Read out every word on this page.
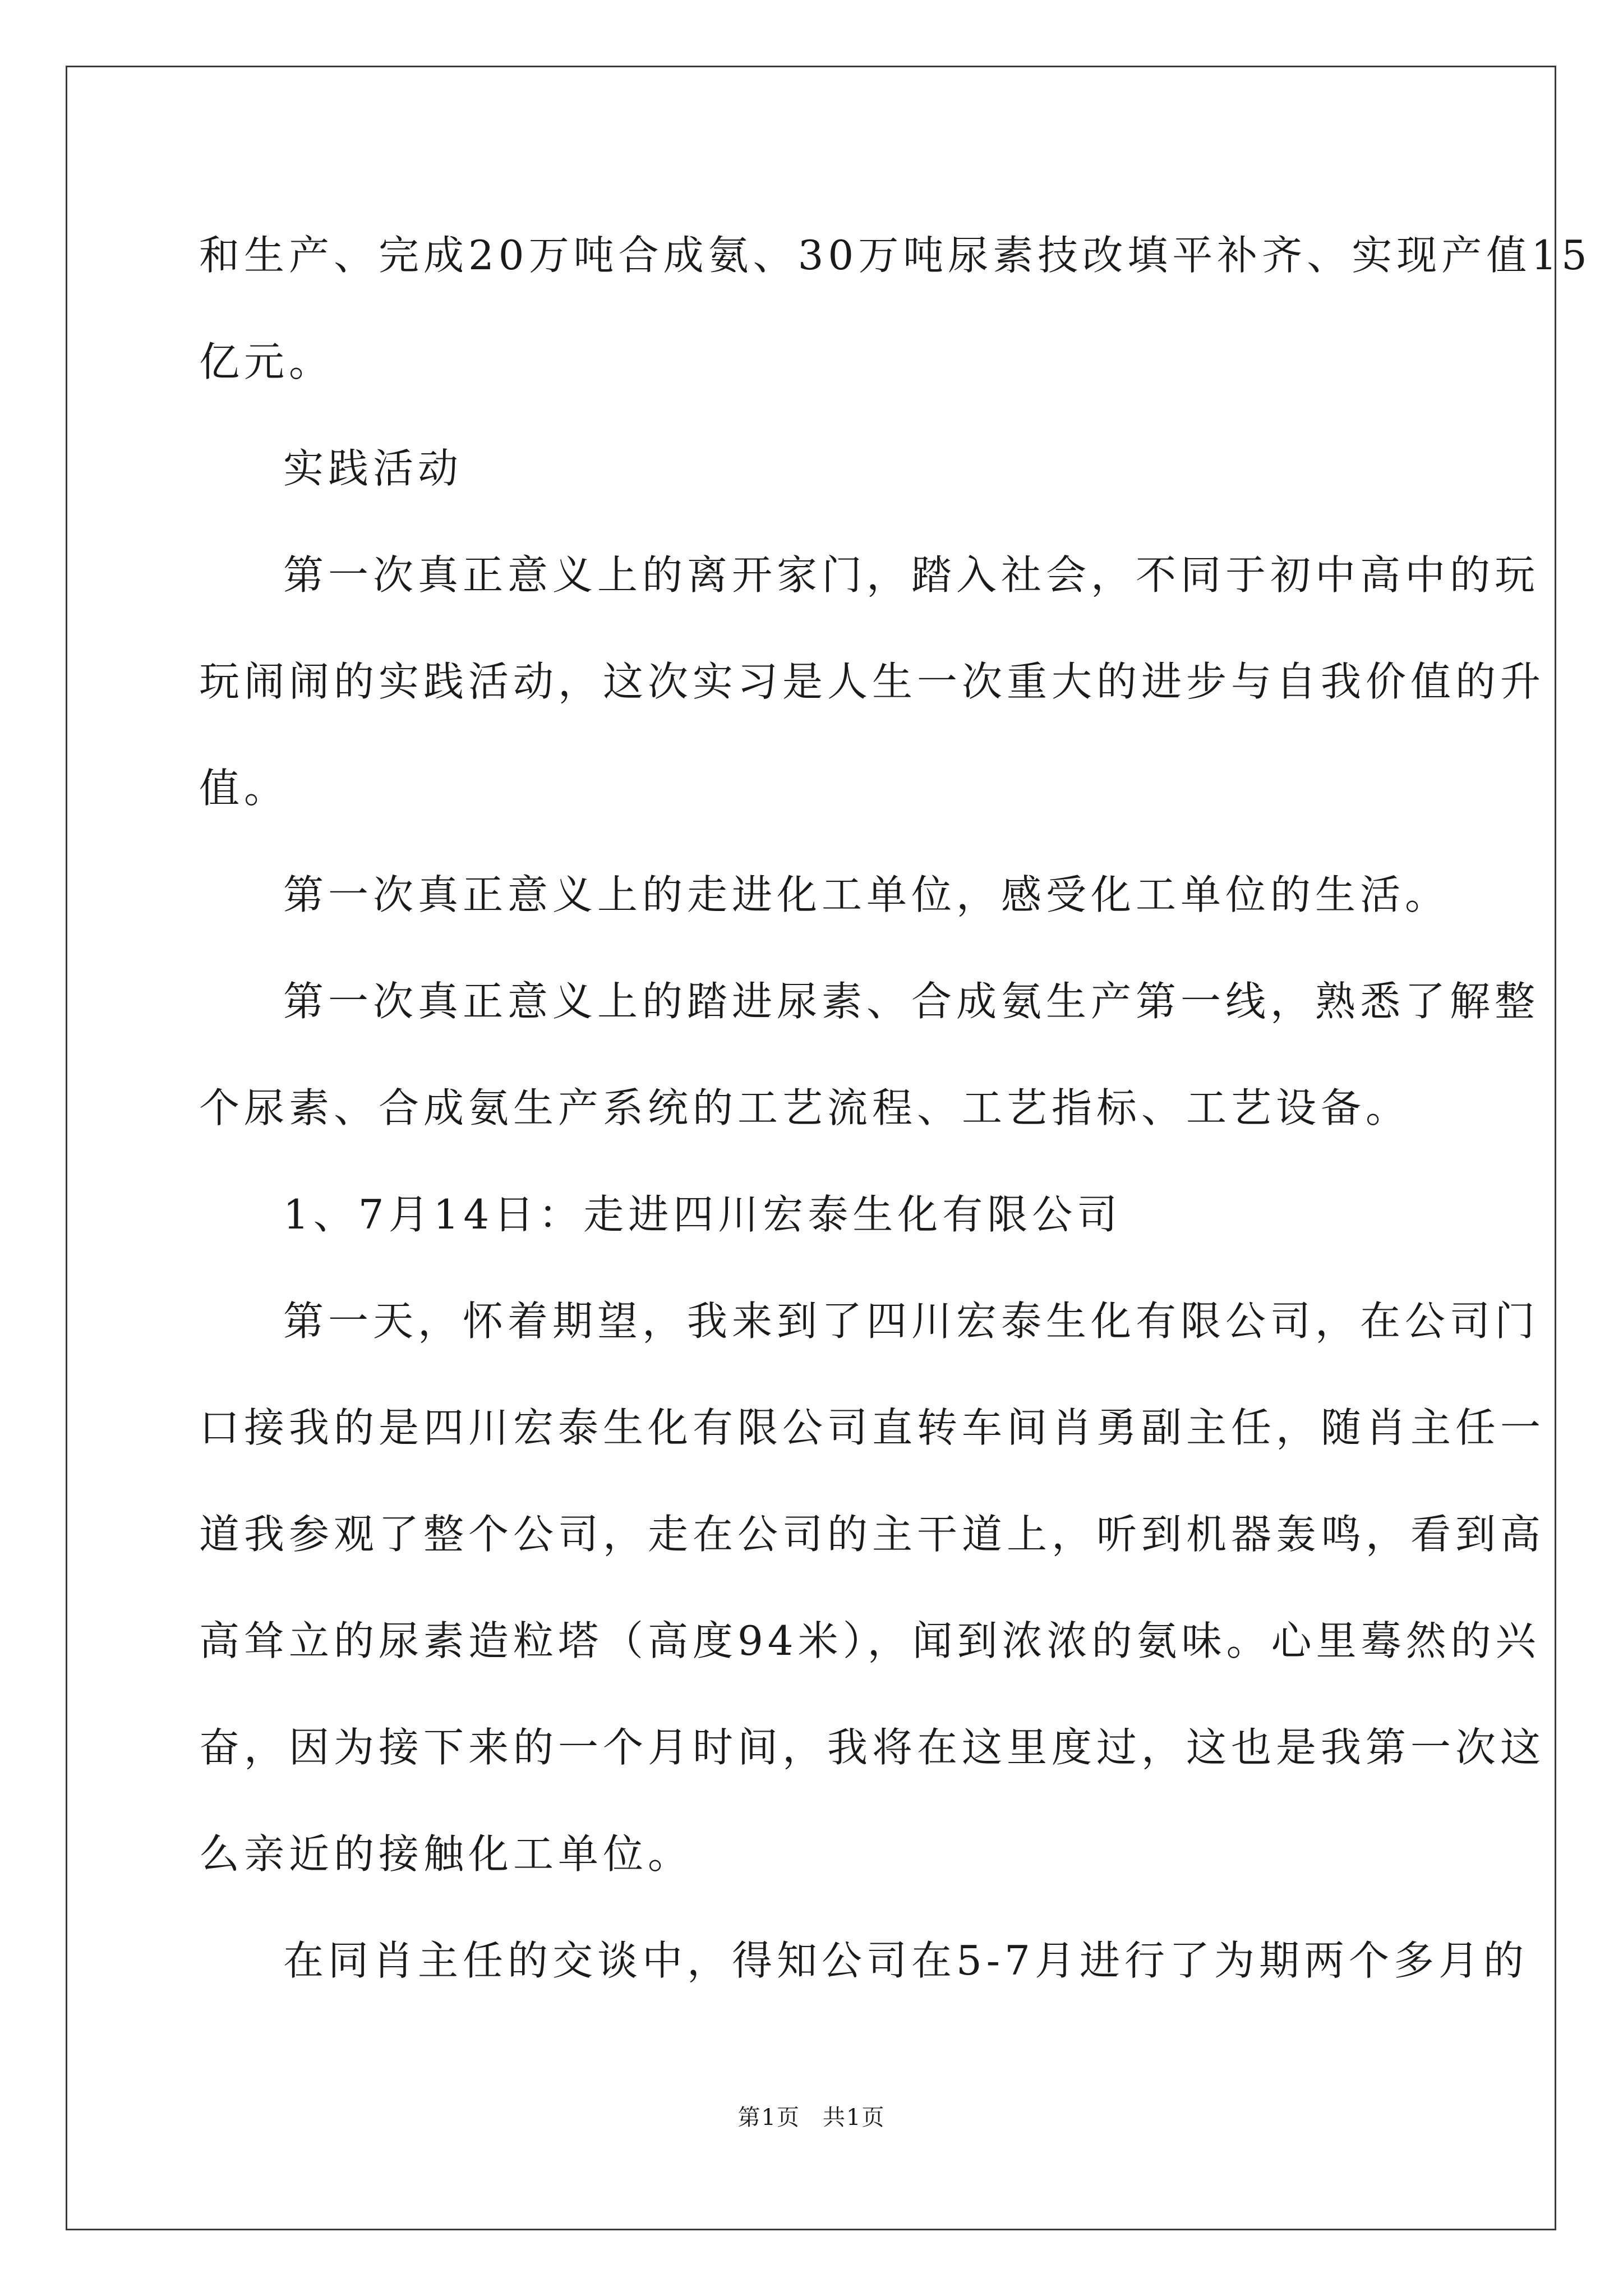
和生产、完成20万吨合成氨、30万吨尿素技改填平补齐、实现产值15
亿元。
实践活动
第一次真正意义上的离开家门，踏入社会，不同于初中高中的玩
玩闹闹的实践活动，这次实习是人生一次重大的进步与自我价值的升
值。
第一次真正意义上的走进化工单位，感受化工单位的生活。
第一次真正意义上的踏进尿素、合成氨生产第一线，熟悉了解整
个尿素、合成氨生产系统的工艺流程、工艺指标、工艺设备。
1、7月14日：走进四川宏泰生化有限公司
第一天，怀着期望，我来到了四川宏泰生化有限公司，在公司门
口接我的是四川宏泰生化有限公司直转车间肖勇副主任，随肖主任一
道我参观了整个公司，走在公司的主干道上，听到机器轰鸣，看到高
高耸立的尿素造粒塔（高度94米），闻到浓浓的氨味。心里蓦然的兴
奋，因为接下来的一个月时间，我将在这里度过，这也是我第一次这
么亲近的接触化工单位。
在同肖主任的交谈中，得知公司在5-7月进行了为期两个多月的
第1页 共1页
